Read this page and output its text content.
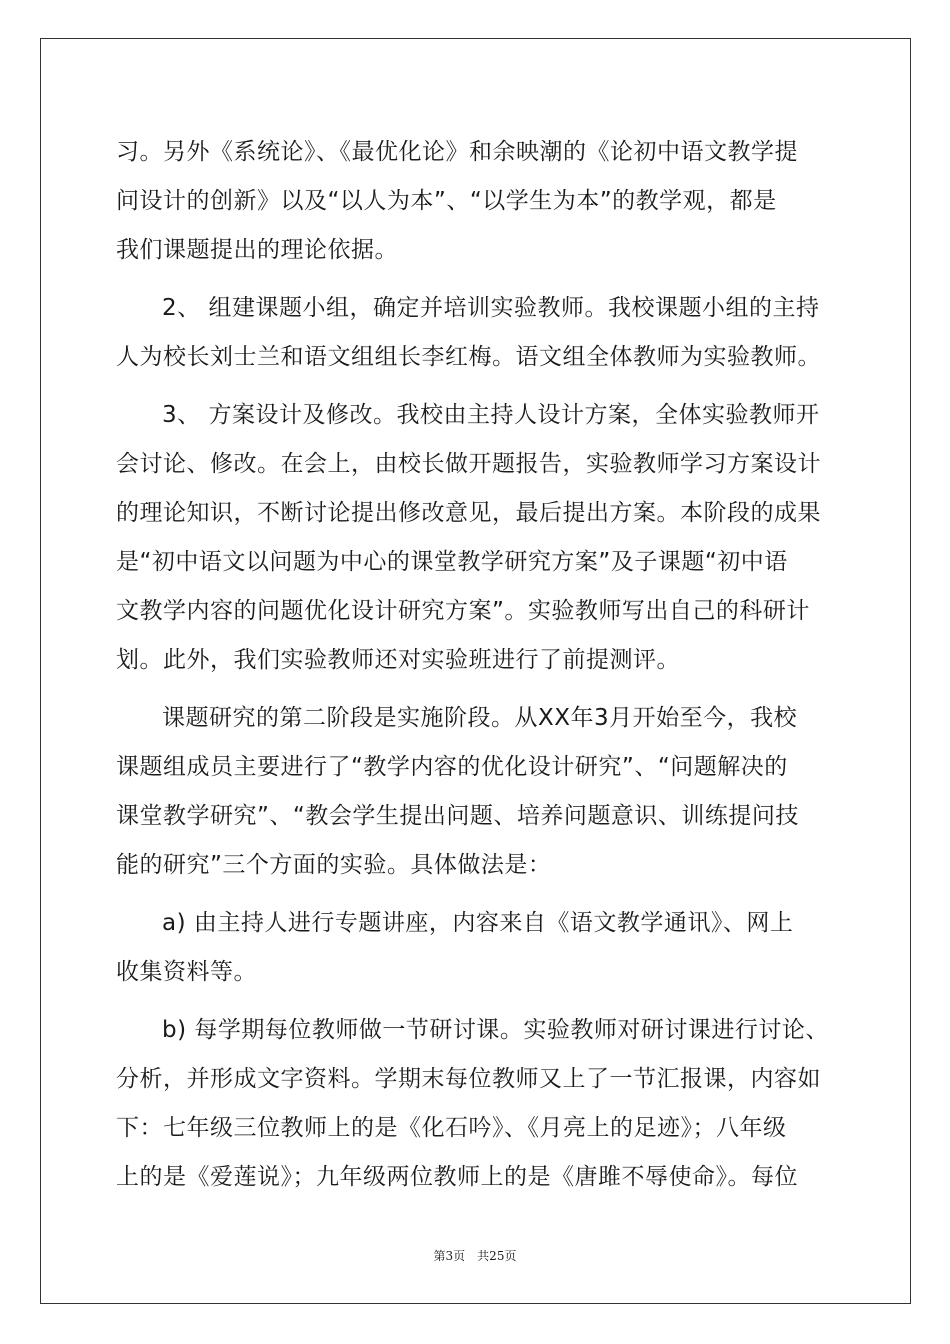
习。另外《系统论》、《最优化论》和余映潮的《论初中语文教学提
问设计的创新》以及“以人为本”、“以学生为本”的教学观，都是
我们课题提出的理论依据。
2、 组建课题小组，确定并培训实验教师。我校课题小组的主持
人为校长刘士兰和语文组组长李红梅。语文组全体教师为实验教师。
3、 方案设计及修改。我校由主持人设计方案，全体实验教师开
会讨论、修改。在会上，由校长做开题报告，实验教师学习方案设计
的理论知识，不断讨论提出修改意见，最后提出方案。本阶段的成果
是“初中语文以问题为中心的课堂教学研究方案”及子课题“初中语
文教学内容的问题优化设计研究方案”。实验教师写出自己的科研计
划。此外，我们实验教师还对实验班进行了前提测评。
课题研究的第二阶段是实施阶段。从XX年3月开始至今，我校
课题组成员主要进行了“教学内容的优化设计研究”、“问题解决的
课堂教学研究”、“教会学生提出问题、培养问题意识、训练提问技
能的研究”三个方面的实验。具体做法是：
a) 由主持人进行专题讲座，内容来自《语文教学通讯》、网上
收集资料等。
b) 每学期每位教师做一节研讨课。实验教师对研讨课进行讨论、
分析，并形成文字资料。学期末每位教师又上了一节汇报课，内容如
下：七年级三位教师上的是《化石吟》、《月亮上的足迹》；八年级
上的是《爱莲说》；九年级两位教师上的是《唐雎不辱使命》。每位
第3页　共25页
